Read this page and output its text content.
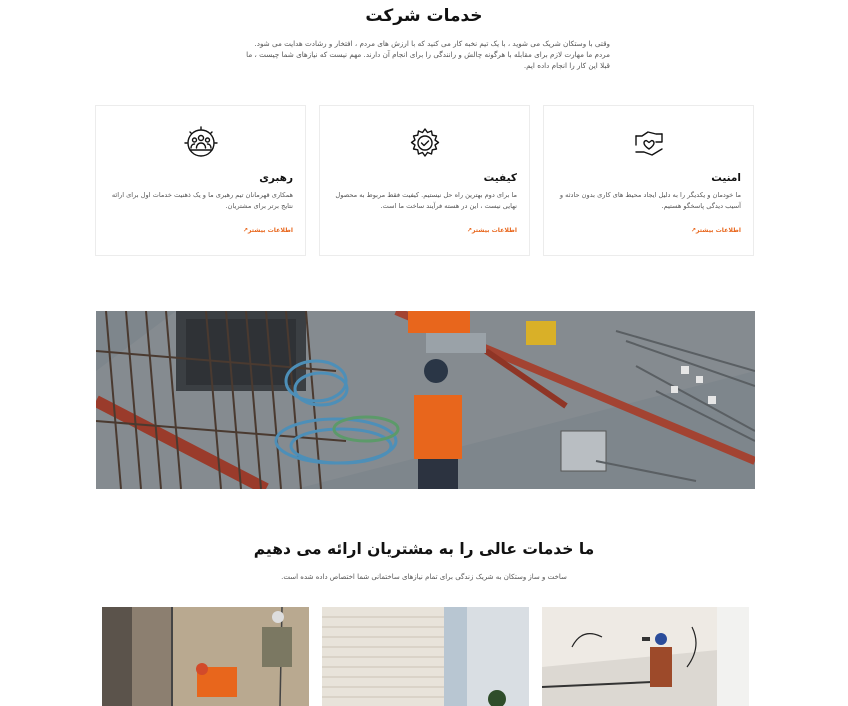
خدمات شرکت
وقتی با وستکان شریک می شوید ، با یک تیم نخبه کار می کنید که با ارزش های مردم ، افتخار و رشادت هدایت می شود. مردم ما مهارت لازم برای مقابله با هرگونه چالش و رانندگی را برای انجام آن دارند. مهم نیست که نیازهای شما چیست ، ما قبلا این کار را انجام داده ایم.
امنیت
ما خودمان و یکدیگر را به دلیل ایجاد محیط های کاری بدون حادثه و آسیب دیدگی پاسخگو هستیم.
اطلاعات بیشتر↗
کیفیت
ما برای دوم بهترین راه حل نیستیم. کیفیت فقط مربوط به محصول نهایی نیست ، این در هسته فرآیند ساخت ما است.
اطلاعات بیشتر↗
رهبری
همکاری قهرمانان تیم رهبری ما و یک ذهنیت خدمات اول برای ارائه نتایج برتر برای مشتریان.
اطلاعات بیشتر↗
ما خدمات عالی را به مشتریان ارائه می دهیم
ساخت و ساز وستکان به شریک زندگی برای تمام نیازهای ساختمانی شما اختصاص داده شده است.
